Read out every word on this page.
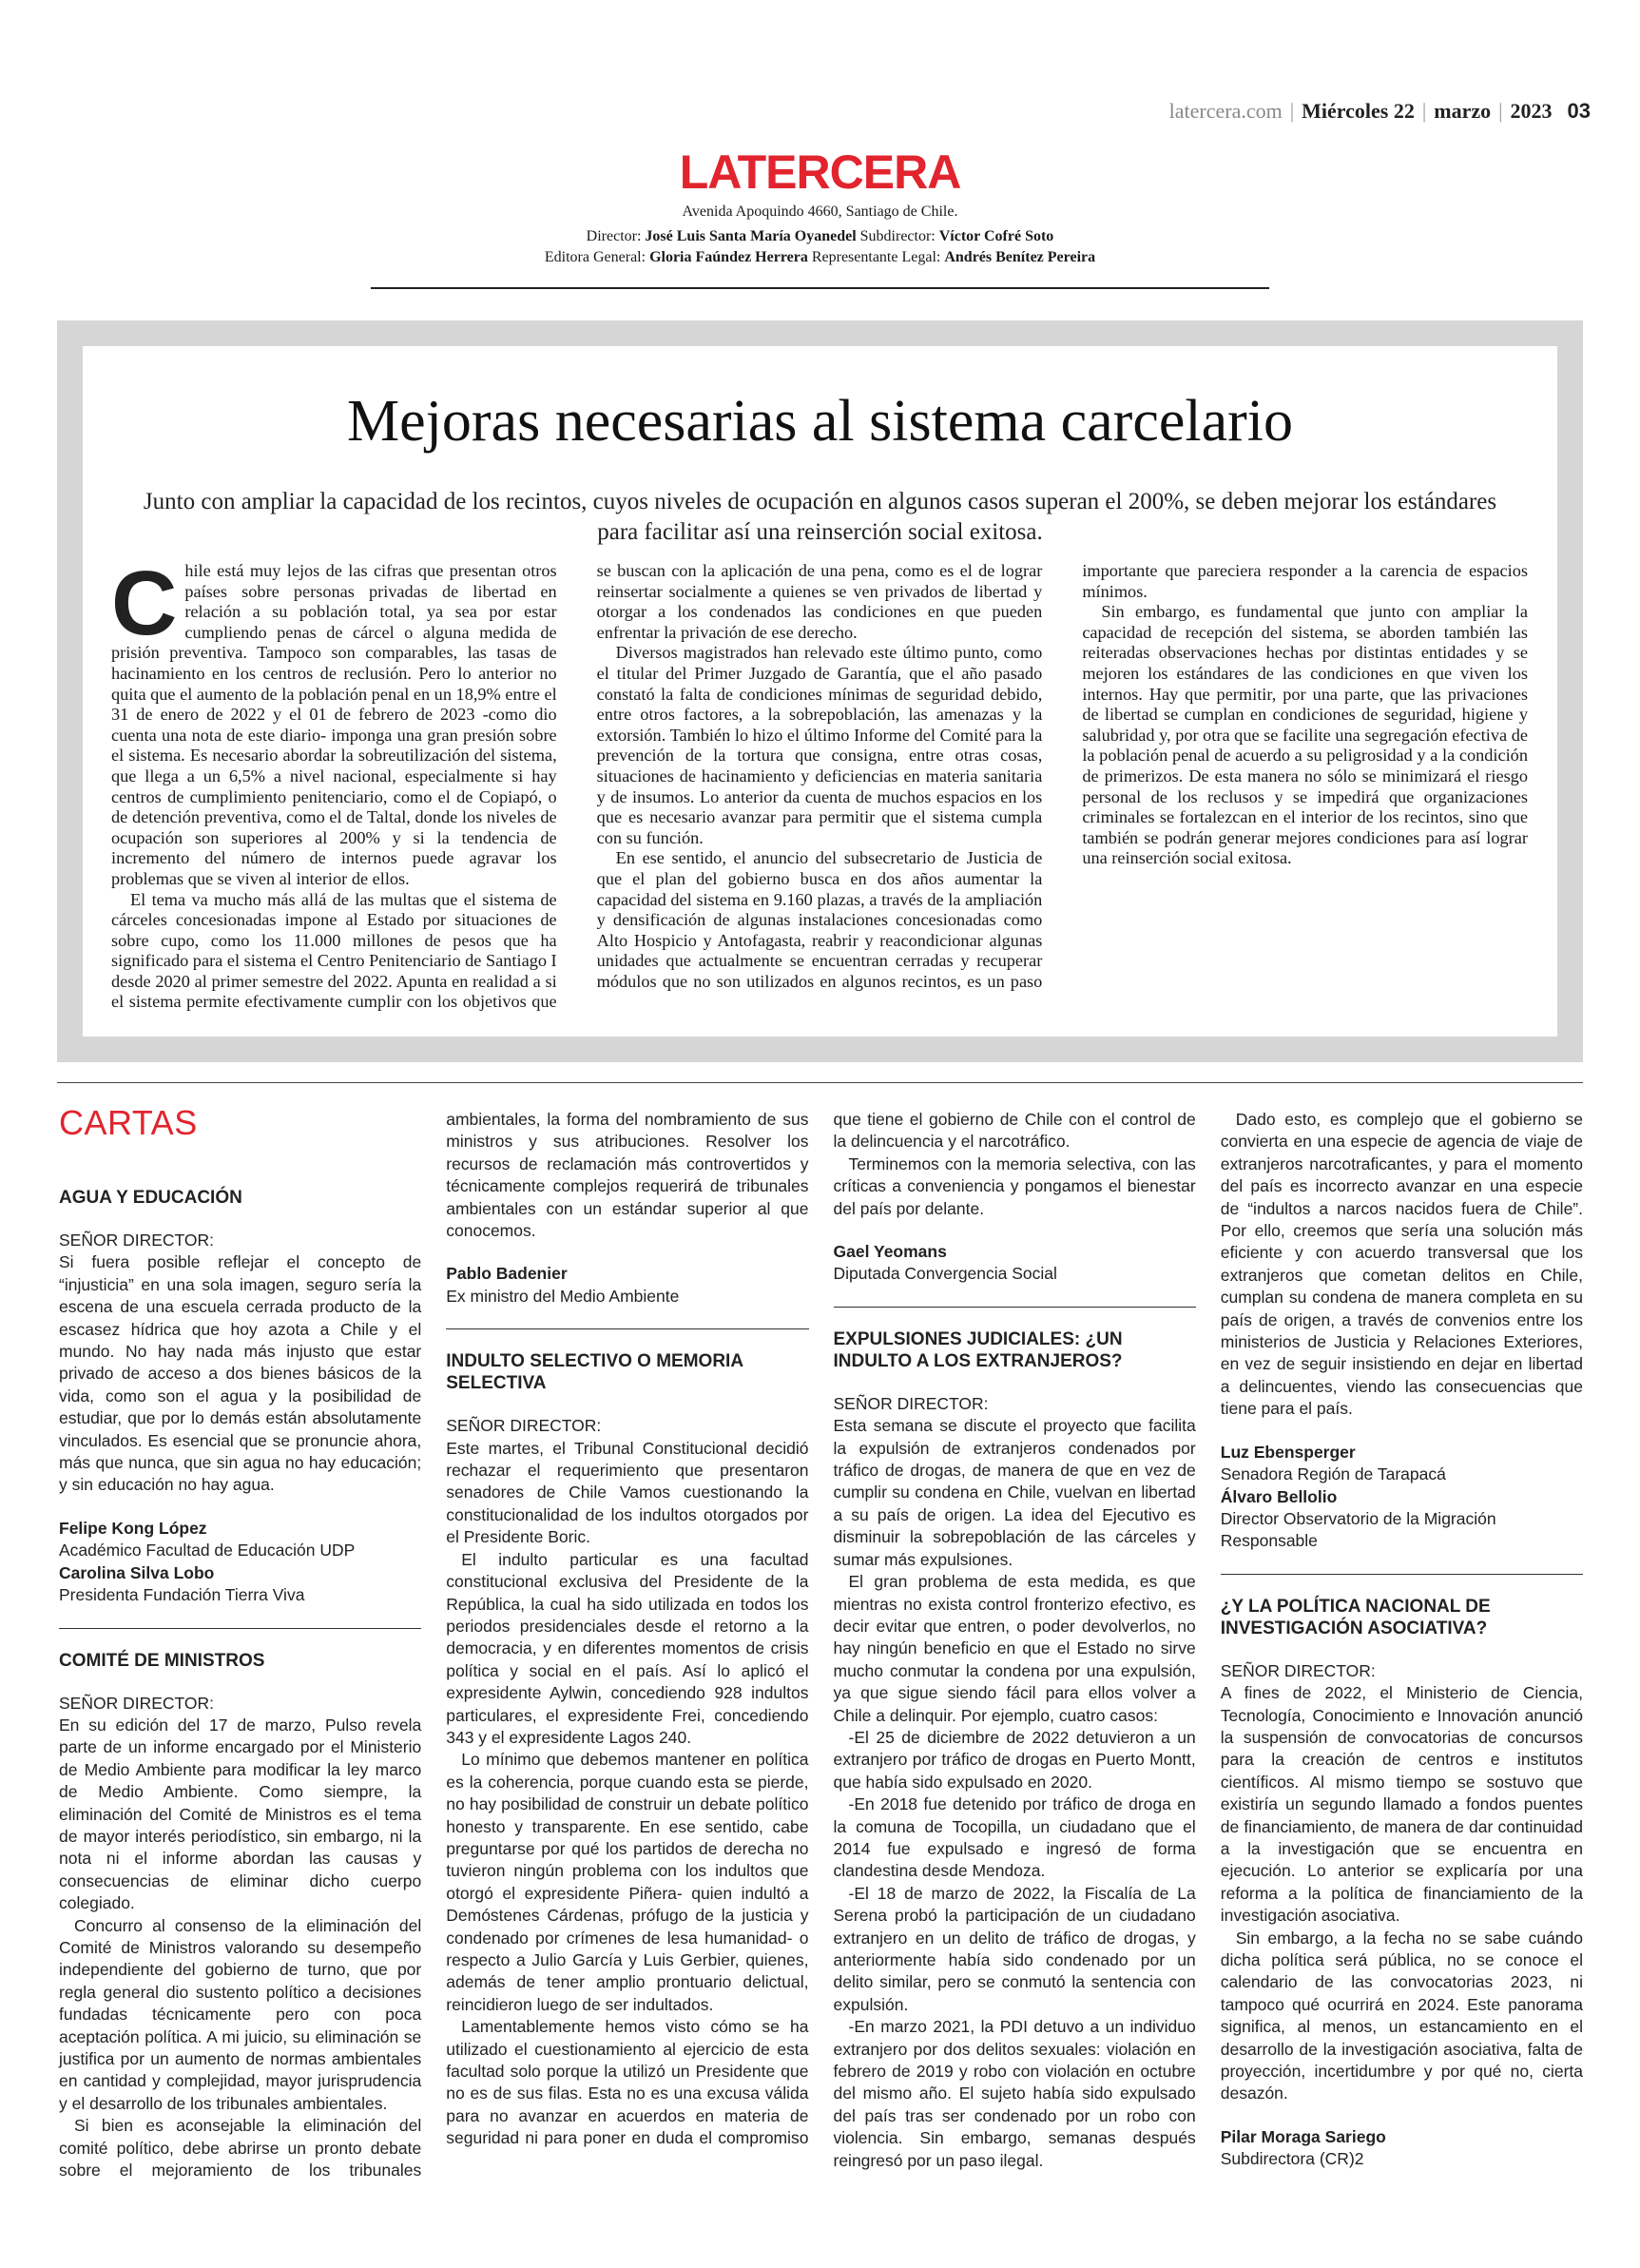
latercera.com | Miércoles 22 | marzo | 2023 03
LATERCERA
Avenida Apoquindo 4660, Santiago de Chile.
Director: José Luis Santa María Oyanedel Subdirector: Víctor Cofré Soto
Editora General: Gloria Faúndez Herrera Representante Legal: Andrés Benítez Pereira
Mejoras necesarias al sistema carcelario
Junto con ampliar la capacidad de los recintos, cuyos niveles de ocupación en algunos casos superan el 200%, se deben mejorar los estándares para facilitar así una reinserción social exitosa.

Chile está muy lejos de las cifras que presentan otros países sobre personas privadas de libertad en relación a su población total, ya sea por estar cumpliendo penas de cárcel o alguna medida de prisión preventiva. Tampoco son comparables, las tasas de hacinamiento en los centros de reclusión. Pero lo anterior no quita que el aumento de la población penal en un 18,9% entre el 31 de enero de 2022 y el 01 de febrero de 2023 -como dio cuenta una nota de este diario- imponga una gran presión sobre el sistema. Es necesario abordar la sobreutilización del sistema, que llega a un 6,5% a nivel nacional, especialmente si hay centros de cumplimiento penitenciario, como el de Copiapó, o de detención preventiva, como el de Taltal, donde los niveles de ocupación son superiores al 200% y si la tendencia de incremento del número de internos puede agravar los problemas que se viven al interior de ellos.

El tema va mucho más allá de las multas que el sistema de cárceles concesionadas impone al Estado por situaciones de sobre cupo, como los 11.000 millones de pesos que ha significado para el sistema el Centro Penitenciario de Santiago I desde 2020 al primer semestre del 2022. Apunta en realidad a si el sistema permite efectivamente cumplir con los objetivos que se buscan con la aplicación de una pena, como es el de lograr reinsertar socialmente a quienes se ven privados de libertad y otorgar a los condenados las condiciones en que pueden enfrentar la privación de ese derecho.

Diversos magistrados han relevado este último punto, como el titular del Primer Juzgado de Garantía, que el año pasado constató la falta de condiciones mínimas de seguridad debido, entre otros factores, a la sobrepoblación, las amenazas y la extorsión. También lo hizo el último Informe del Comité para la prevención de la tortura que consigna, entre otras cosas, situaciones de hacinamiento y deficiencias en materia sanitaria y de insumos. Lo anterior da cuenta de muchos espacios en los que es necesario avanzar para permitir que el sistema cumpla con su función.

En ese sentido, el anuncio del subsecretario de Justicia de que el plan del gobierno busca en dos años aumentar la capacidad del sistema en 9.160 plazas, a través de la ampliación y densificación de algunas instalaciones concesionadas como Alto Hospicio y Antofagasta, reabrir y reacondicionar algunas unidades que actualmente se encuentran cerradas y recuperar módulos que no son utilizados en algunos recintos, es un paso importante que pareciera responder a la carencia de espacios mínimos.

Sin embargo, es fundamental que junto con ampliar la capacidad de recepción del sistema, se aborden también las reiteradas observaciones hechas por distintas entidades y se mejoren los estándares de las condiciones en que viven los internos. Hay que permitir, por una parte, que las privaciones de libertad se cumplan en condiciones de seguridad, higiene y salubridad y, por otra que se facilite una segregación efectiva de la población penal de acuerdo a su peligrosidad y a la condición de primerizos. De esta manera no sólo se minimizará el riesgo personal de los reclusos y se impedirá que organizaciones criminales se fortalezcan en el interior de los recintos, sino que también se podrán generar mejores condiciones para así lograr una reinserción social exitosa.

CARTAS
AGUA Y EDUCACIÓN

SEÑOR DIRECTOR:

Si fuera posible reflejar el concepto de “injusticia” en una sola imagen, seguro sería la escena de una escuela cerrada producto de la escasez hídrica que hoy azota a Chile y el mundo. No hay nada más injusto que estar privado de acceso a dos bienes básicos de la vida, como son el agua y la posibilidad de estudiar, que por lo demás están absolutamente vinculados. Es esencial que se pronuncie ahora, más que nunca, que sin agua no hay educación; y sin educación no hay agua.

Felipe Kong López
Académico Facultad de Educación UDP
Carolina Silva Lobo
Presidenta Fundación Tierra Viva
COMITÉ DE MINISTROS

SEÑOR DIRECTOR:

En su edición del 17 de marzo, Pulso revela parte de un informe encargado por el Ministerio de Medio Ambiente para modificar la ley marco de Medio Ambiente. Como siempre, la eliminación del Comité de Ministros es el tema de mayor interés periodístico, sin embargo, ni la nota ni el informe abordan las causas y consecuencias de eliminar dicho cuerpo colegiado.

Concurro al consenso de la eliminación del Comité de Ministros valorando su desempeño independiente del gobierno de turno, que por regla general dio sustento político a decisiones fundadas técnicamente pero con poca aceptación política. A mi juicio, su eliminación se justifica por un aumento de normas ambientales en cantidad y complejidad, mayor jurisprudencia y el desarrollo de los tribunales ambientales.

Si bien es aconsejable la eliminación del comité político, debe abrirse un pronto debate sobre el mejoramiento de los tribunales ambientales, la forma del nombramiento de sus ministros y sus atribuciones. Resolver los recursos de reclamación más controvertidos y técnicamente complejos requerirá de tribunales ambientales con un estándar superior al que conocemos.

Pablo Badenier
Ex ministro del Medio Ambiente
INDULTO SELECTIVO O MEMORIA SELECTIVA

SEÑOR DIRECTOR:

Este martes, el Tribunal Constitucional decidió rechazar el requerimiento que presentaron senadores de Chile Vamos cuestionando la constitucionalidad de los indultos otorgados por el Presidente Boric.

El indulto particular es una facultad constitucional exclusiva del Presidente de la República, la cual ha sido utilizada en todos los periodos presidenciales desde el retorno a la democracia, y en diferentes momentos de crisis política y social en el país. Así lo aplicó el expresidente Aylwin, concediendo 928 indultos particulares, el expresidente Frei, concediendo 343 y el expresidente Lagos 240.

Lo mínimo que debemos mantener en política es la coherencia, porque cuando esta se pierde, no hay posibilidad de construir un debate político honesto y transparente. En ese sentido, cabe preguntarse por qué los partidos de derecha no tuvieron ningún problema con los indultos que otorgó el expresidente Piñera- quien indultó a Demóstenes Cárdenas, prófugo de la justicia y condenado por crímenes de lesa humanidad- o respecto a Julio García y Luis Gerbier, quienes, además de tener amplio prontuario delictual, reincidieron luego de ser indultados.

Lamentablemente hemos visto cómo se ha utilizado el cuestionamiento al ejercicio de esta facultad solo porque la utilizó un Presidente que no es de sus filas. Esta no es una excusa válida para no avanzar en acuerdos en materia de seguridad ni para poner en duda el compromiso que tiene el gobierno de Chile con el control de la delincuencia y el narcotráfico.

Terminemos con la memoria selectiva, con las críticas a conveniencia y pongamos el bienestar del país por delante.

Gael Yeomans
Diputada Convergencia Social
EXPULSIONES JUDICIALES: ¿UN INDULTO A LOS EXTRANJEROS?

SEÑOR DIRECTOR:

Esta semana se discute el proyecto que facilita la expulsión de extranjeros condenados por tráfico de drogas, de manera de que en vez de cumplir su condena en Chile, vuelvan en libertad a su país de origen. La idea del Ejecutivo es disminuir la sobrepoblación de las cárceles y sumar más expulsiones.

El gran problema de esta medida, es que mientras no exista control fronterizo efectivo, es decir evitar que entren, o poder devolverlos, no hay ningún beneficio en que el Estado no sirve mucho conmutar la condena por una expulsión, ya que sigue siendo fácil para ellos volver a Chile a delinquir. Por ejemplo, cuatro casos:

-El 25 de diciembre de 2022 detuvieron a un extranjero por tráfico de drogas en Puerto Montt, que había sido expulsado en 2020.

-En 2018 fue detenido por tráfico de droga en la comuna de Tocopilla, un ciudadano que el 2014 fue expulsado e ingresó de forma clandestina desde Mendoza.

-El 18 de marzo de 2022, la Fiscalía de La Serena probó la participación de un ciudadano extranjero en un delito de tráfico de drogas, y anteriormente había sido condenado por un delito similar, pero se conmutó la sentencia con expulsión.

-En marzo 2021, la PDI detuvo a un individuo extranjero por dos delitos sexuales: violación en febrero de 2019 y robo con violación en octubre del mismo año. El sujeto había sido expulsado del país tras ser condenado por un robo con violencia. Sin embargo, semanas después reingresó por un paso ilegal.

Dado esto, es complejo que el gobierno se convierta en una especie de agencia de viaje de extranjeros narcotraficantes, y para el momento del país es incorrecto avanzar en una especie de “indultos a narcos nacidos fuera de Chile”. Por ello, creemos que sería una solución más eficiente y con acuerdo transversal que los extranjeros que cometan delitos en Chile, cumplan su condena de manera completa en su país de origen, a través de convenios entre los ministerios de Justicia y Relaciones Exteriores, en vez de seguir insistiendo en dejar en libertad a delincuentes, viendo las consecuencias que tiene para el país.

Luz Ebensperger
Senadora Región de Tarapacá
Álvaro Bellolio
Director Observatorio de la Migración Responsable
¿Y LA POLÍTICA NACIONAL DE INVESTIGACIÓN ASOCIATIVA?

SEÑOR DIRECTOR:

A fines de 2022, el Ministerio de Ciencia, Tecnología, Conocimiento e Innovación anunció la suspensión de convocatorias de concursos para la creación de centros e institutos científicos. Al mismo tiempo se sostuvo que existiría un segundo llamado a fondos puentes de financiamiento, de manera de dar continuidad a la investigación que se encuentra en ejecución. Lo anterior se explicaría por una reforma a la política de financiamiento de la investigación asociativa.

Sin embargo, a la fecha no se sabe cuándo dicha política será pública, no se conoce el calendario de las convocatorias 2023, ni tampoco qué ocurrirá en 2024. Este panorama significa, al menos, un estancamiento en el desarrollo de la investigación asociativa, falta de proyección, incertidumbre y por qué no, cierta desazón.

Pilar Moraga Sariego
Subdirectora (CR)2
